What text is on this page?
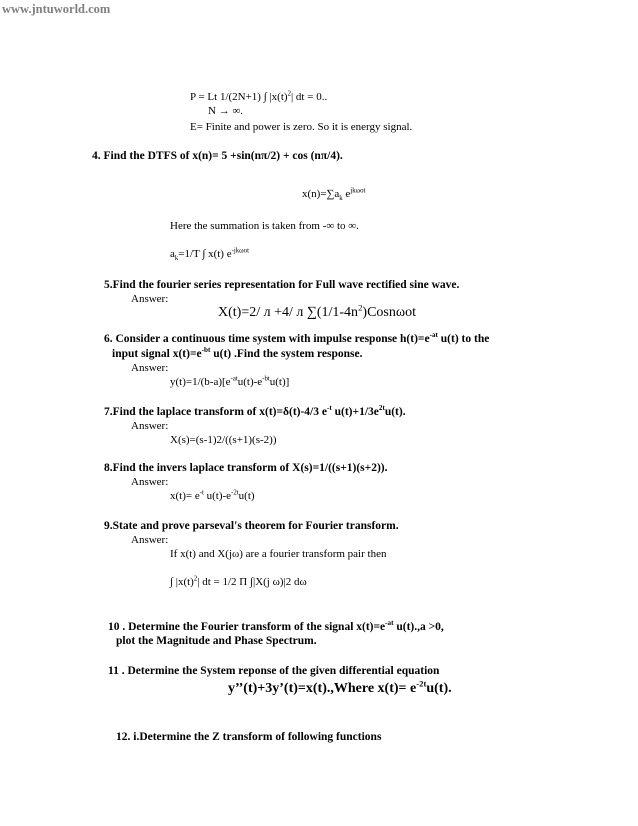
www.jntuworld.com
P = Lt 1/(2N+1) ∫ $|x(t)^2|$ dt = 0..
N → ∞.
E= Finite and power is zero. So it is energy signal.
4. Find the DTFS of x(n)= 5 +sin(nπ/2) + cos (nπ/4).
$x(n)=\sum a_k$ $e^{jk\omega ot}$
Here the summation is taken from -∞ to ∞.
$a_k=1/T$ ∫ x(t) $e^{-jk\omega ot}$
5.Find the fourier series representation for Full wave rectified sine wave.
Answer:
X(t)=2/ л +4/ л $\sum(1/1-4n^2)Cosn\omega ot$
6. Consider a continuous time system with impulse response $h(t)=e^{-at}$ u(t) to the
input signal $x(t)=e^{-bt}$ u(t) .Find the system response.
Answer:
$y(t)=1/(b-a)[e^{-at}u(t)-e^{-bt}u(t)]$
7.Find the laplace transform of x(t)=δ(t)-4/3 $e^{-t}$ $u(t)+1/3e^{2t}u(t)$.
Answer:
X(s)=(s-1)2/((s+1)(s-2))
8.Find the invers laplace transform of X(s)=1/((s+1)(s+2)).
Answer:
$x(t)= e^{-t}$ $u(t)-e^{-2t}u(t)$
9.State and prove parseval's theorem for Fourier transform.
Answer:
If x(t) and X(jω) are a fourier transform pair then
∫ $|x(t)^2|$ dt = 1/2 Π ∫|X(j ω)|2 dω
10 . Determine the Fourier transform of the signal $x(t)=e^{-at}$ u(t).,a >0,
plot the Magnitude and Phase Spectrum.
11 . Determine the System reponse of the given differential equation
y’’(t)+3y’(t)=x(t).,Where $x(t)= e^{-2t}u(t)$.
12. i.Determine the Z transform of following functions
